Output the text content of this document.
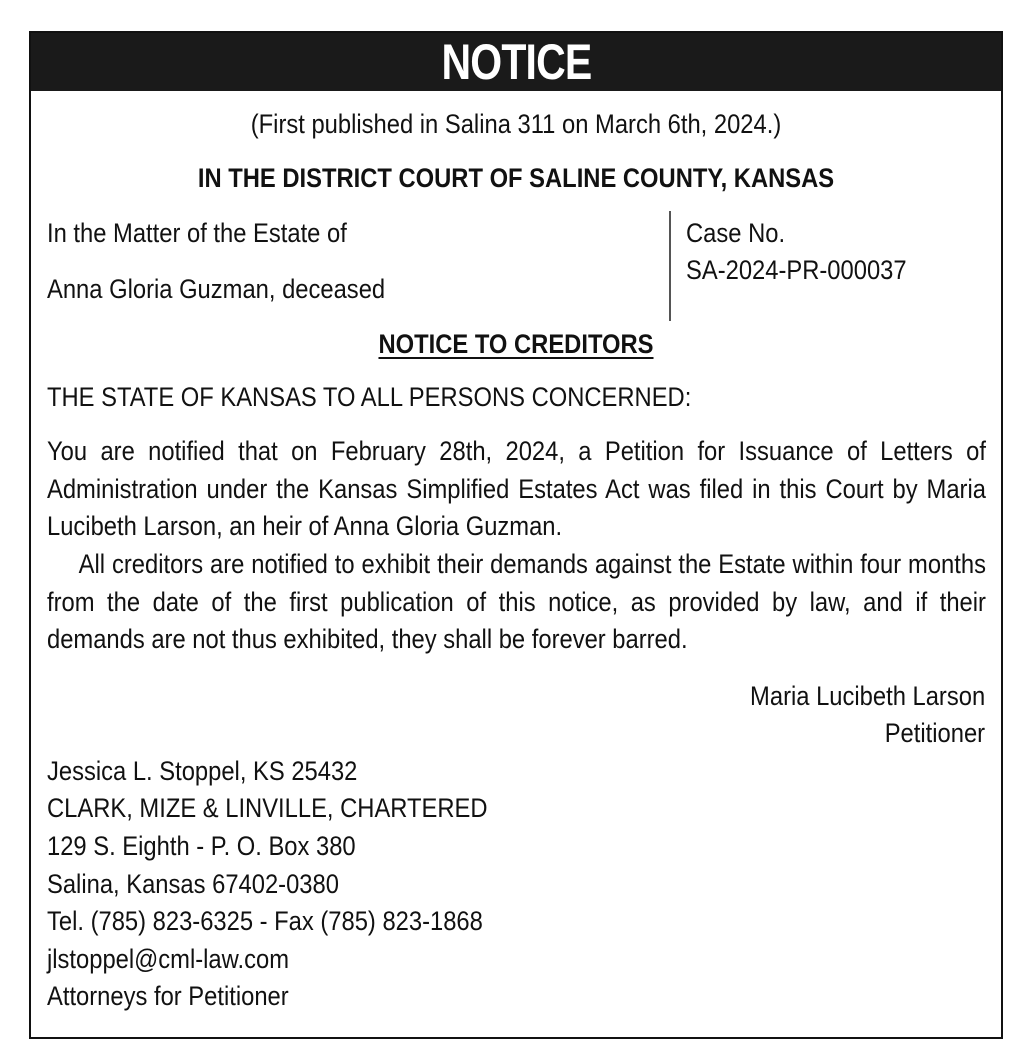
NOTICE
(First published in Salina 311 on March 6th, 2024.)
IN THE DISTRICT COURT OF SALINE COUNTY, KANSAS
In the Matter of the Estate of
Anna Gloria Guzman, deceased
Case No.
SA-2024-PR-000037
NOTICE TO CREDITORS
THE STATE OF KANSAS TO ALL PERSONS CONCERNED:
You are notified that on February 28th, 2024, a Petition for Issuance of Letters of Administration under the Kansas Simplified Estates Act was filed in this Court by Maria Lucibeth Larson, an heir of Anna Gloria Guzman.
All creditors are notified to exhibit their demands against the Estate within four months from the date of the first publication of this notice, as provided by law, and if their demands are not thus exhibited, they shall be forever barred.
Maria Lucibeth Larson
Petitioner
Jessica L. Stoppel, KS 25432
CLARK, MIZE & LINVILLE, CHARTERED
129 S. Eighth - P. O. Box 380
Salina, Kansas 67402-0380
Tel. (785) 823-6325 - Fax (785) 823-1868
jlstoppel@cml-law.com
Attorneys for Petitioner
